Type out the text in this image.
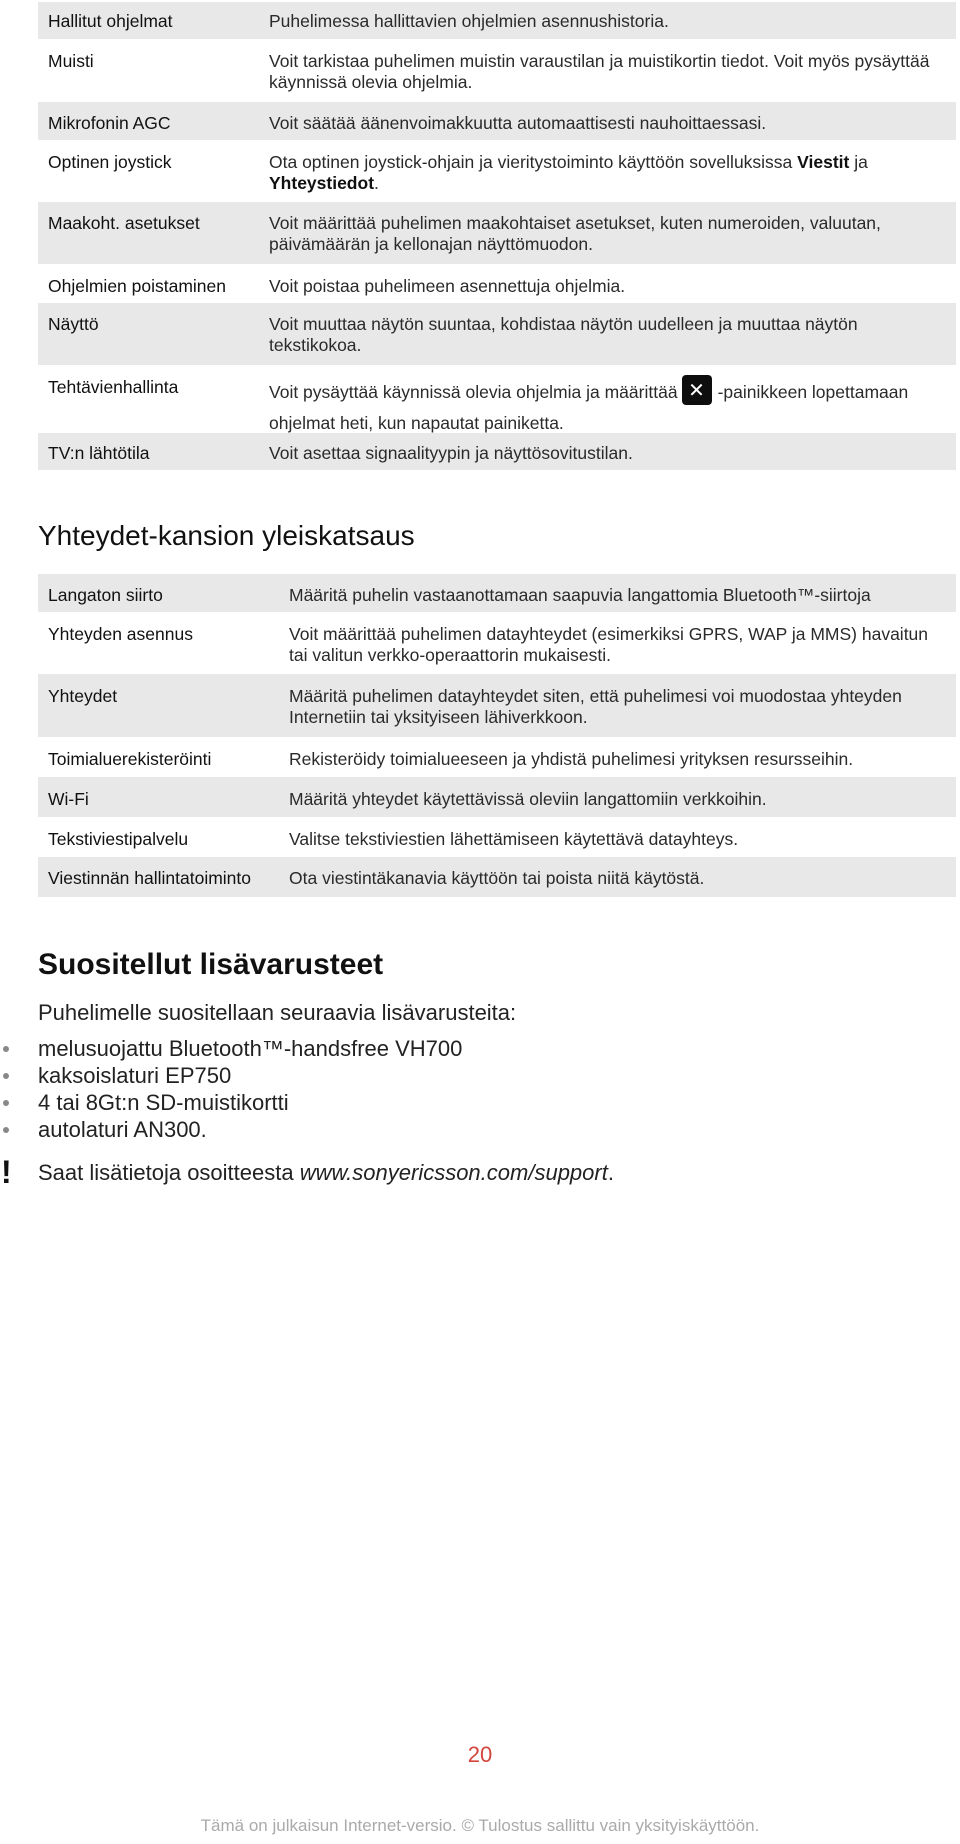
Hallitut ohjelmat	Puhelimessa hallittavien ohjelmien asennushistoria.
Muisti	Voit tarkistaa puhelimen muistin varaustilan ja muistikortin tiedot. Voit myös pysäyttää käynnissä olevia ohjelmia.
Mikrofonin AGC	Voit säätää äänenvoimakkuutta automaattisesti nauhoittaessasi.
Optinen joystick	Ota optinen joystick-ohjain ja vieritystoiminto käyttöön sovelluksissa Viestit ja Yhteystiedot.
Maakoht. asetukset	Voit määrittää puhelimen maakohtaiset asetukset, kuten numeroiden, valuutan, päivämäärän ja kellonajan näyttömuodon.
Ohjelmien poistaminen	Voit poistaa puhelimeen asennettuja ohjelmia.
Näyttö	Voit muuttaa näytön suuntaa, kohdistaa näytön uudelleen ja muuttaa näytön tekstikokoa.
Tehtävienhallinta	Voit pysäyttää käynnissä olevia ohjelmia ja määrittää ✕ -painikkeen lopettamaan ohjelmat heti, kun napautat painiketta.
TV:n lähtötila	Voit asettaa signaalityypin ja näyttösovitustilan.
Yhteydet-kansion yleiskatsaus
Langaton siirto	Määritä puhelin vastaanottamaan saapuvia langattomia Bluetooth™-siirtoja
Yhteyden asennus	Voit määrittää puhelimen datayhteydet (esimerkiksi GPRS, WAP ja MMS) havaitun tai valitun verkko-operaattorin mukaisesti.
Yhteydet	Määritä puhelimen datayhteydet siten, että puhelimesi voi muodostaa yhteyden Internetiin tai yksityiseen lähiverkkoon.
Toimialuerekisteröinti	Rekisteröidy toimialueeseen ja yhdistä puhelimesi yrityksen resursseihin.
Wi-Fi	Määritä yhteydet käytettävissä oleviin langattomiin verkkoihin.
Tekstiviestipalvelu	Valitse tekstiviestien lähettämiseen käytettävä datayhteys.
Viestinnän hallintatoiminto	Ota viestintäkanavia käyttöön tai poista niitä käytöstä.
Suositellut lisävarusteet
Puhelimelle suositellaan seuraavia lisävarusteita:
melusuojattu Bluetooth™-handsfree VH700
kaksoislaturi EP750
4 tai 8Gt:n SD-muistikortti
autolaturi AN300.
!	Saat lisätietoja osoitteesta www.sonyericsson.com/support.
20
Tämä on julkaisun Internet-versio. © Tulostus sallittu vain yksityiskäyttöön.
